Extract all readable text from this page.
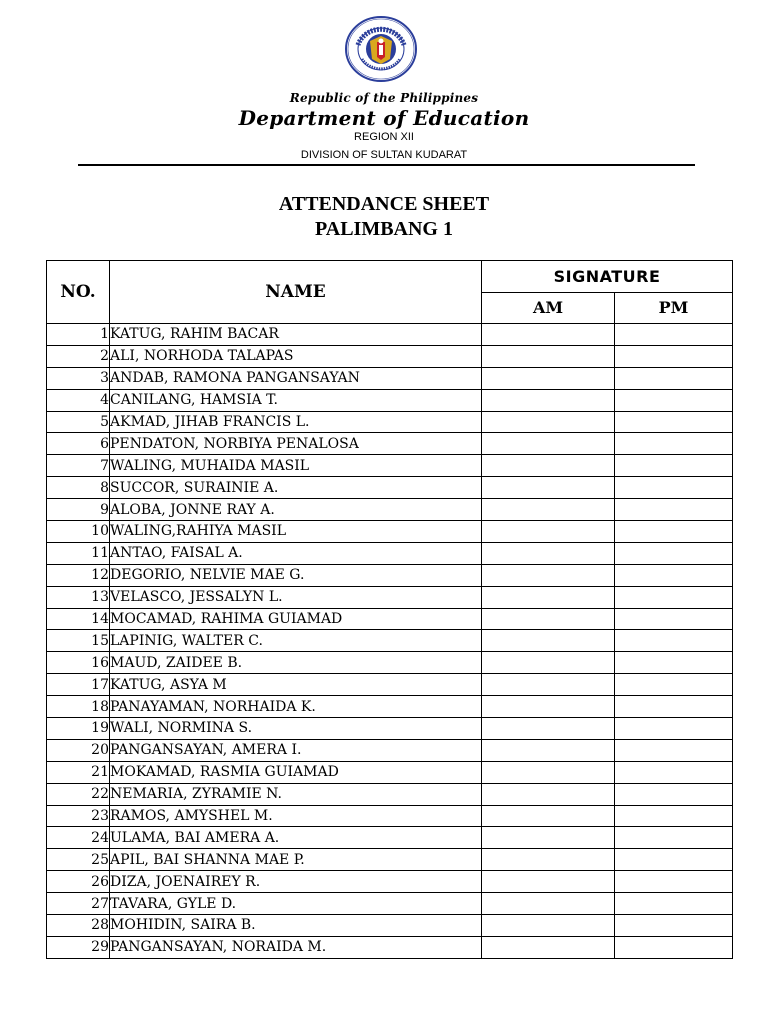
Republic of the Philippines
Department of Education
REGION XII
DIVISION OF SULTAN KUDARAT
ATTENDANCE SHEET
PALIMBANG 1
NO.	NAME	SIGNATURE	
		AM	PM
1	KATUG, RAHIM BACAR		
2	ALI, NORHODA TALAPAS		
3	ANDAB, RAMONA PANGANSAYAN		
4	CANILANG, HAMSIA T.		
5	AKMAD, JIHAB FRANCIS L.		
6	PENDATON, NORBIYA PENALOSA		
7	WALING, MUHAIDA MASIL		
8	SUCCOR, SURAINIE A.		
9	ALOBA, JONNE RAY A.		
10	WALING,RAHIYA MASIL		
11	ANTAO, FAISAL A.		
12	DEGORIO, NELVIE MAE G.		
13	VELASCO, JESSALYN L.		
14	MOCAMAD, RAHIMA GUIAMAD		
15	LAPINIG, WALTER C.		
16	MAUD, ZAIDEE B.		
17	KATUG, ASYA M		
18	PANAYAMAN, NORHAIDA K.		
19	WALI, NORMINA S.		
20	PANGANSAYAN, AMERA I.		
21	MOKAMAD, RASMIA GUIAMAD		
22	NEMARIA, ZYRAMIE N.		
23	RAMOS, AMYSHEL M.		
24	ULAMA, BAI AMERA A.		
25	APIL, BAI SHANNA MAE P.		
26	DIZA, JOENAIREY R.		
27	TAVARA, GYLE D.		
28	MOHIDIN, SAIRA B.		
29	PANGANSAYAN, NORAIDA M.		
